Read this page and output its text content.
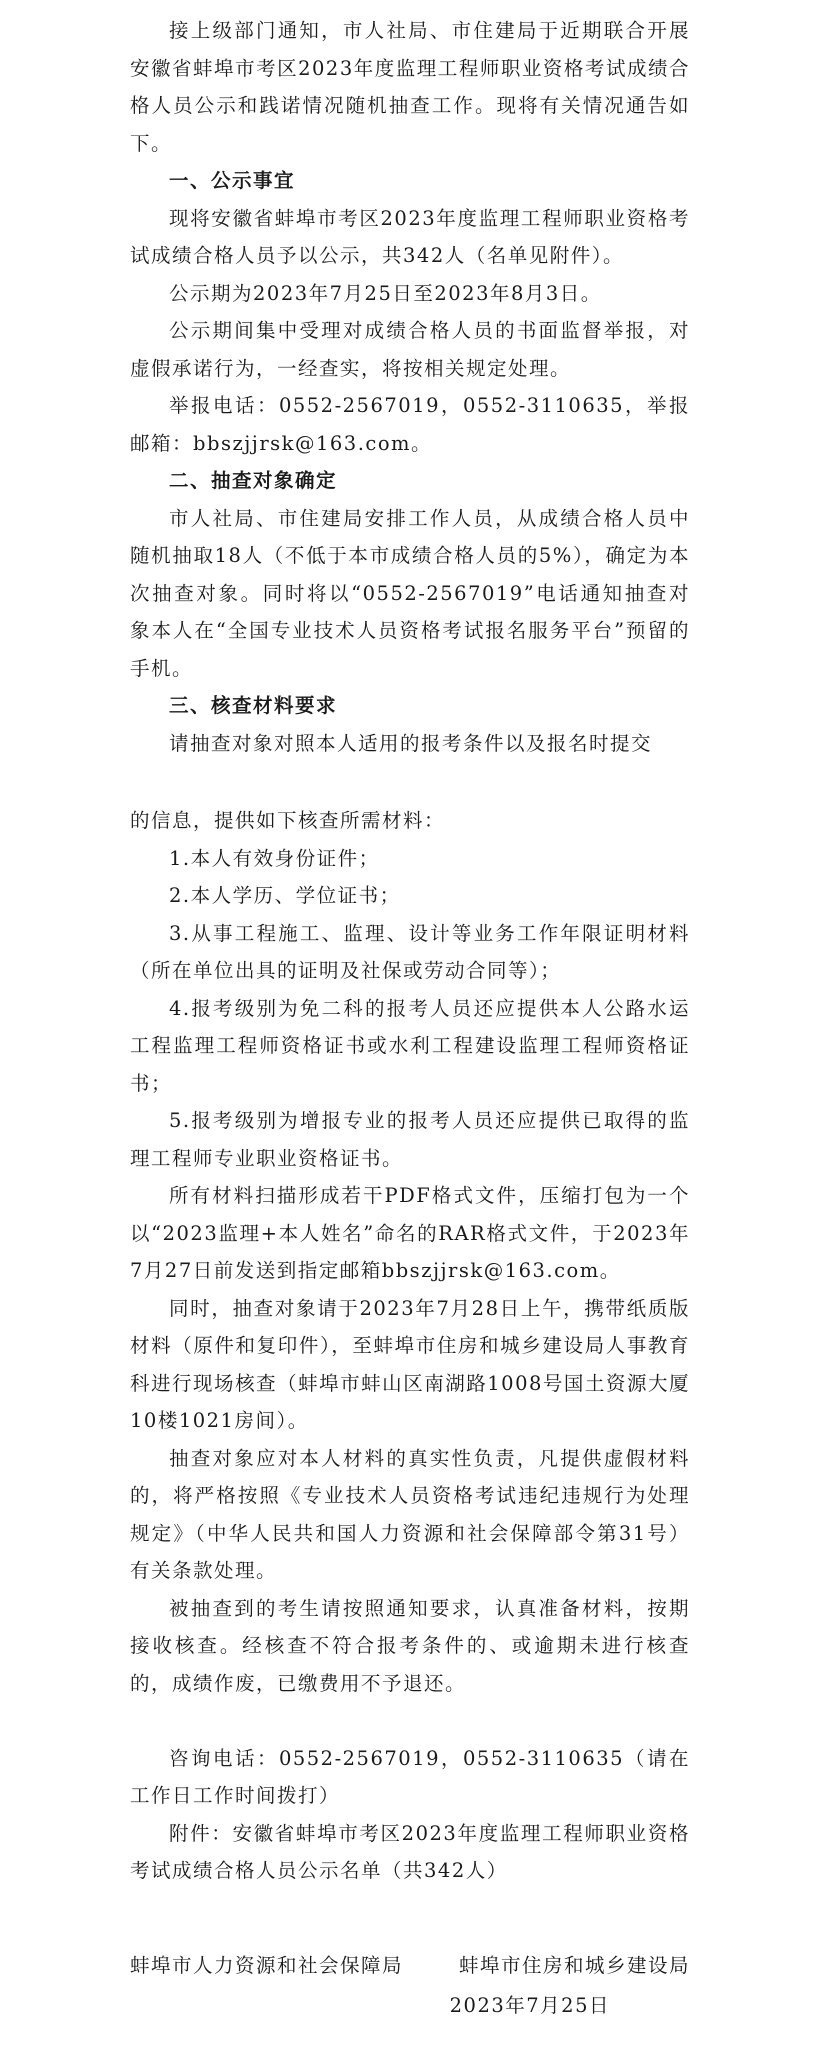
接上级部门通知，市人社局、市住建局于近期联合开展安徽省蚌埠市考区2023年度监理工程师职业资格考试成绩合格人员公示和践诺情况随机抽查工作。现将有关情况通告如下。

一、公示事宜

现将安徽省蚌埠市考区2023年度监理工程师职业资格考试成绩合格人员予以公示，共342人（名单见附件）。

公示期为2023年7月25日至2023年8月3日。

公示期间集中受理对成绩合格人员的书面监督举报，对虚假承诺行为，一经查实，将按相关规定处理。

举报电话：0552-2567019，0552-3110635，举报邮箱：bbszjjrsk@163.com。

二、抽查对象确定

市人社局、市住建局安排工作人员，从成绩合格人员中随机抽取18人（不低于本市成绩合格人员的5%），确定为本次抽查对象。同时将以“0552-2567019”电话通知抽查对象本人在“全国专业技术人员资格考试报名服务平台”预留的手机。

三、核查材料要求

请抽查对象对照本人适用的报考条件以及报名时提交

的信息，提供如下核查所需材料：

1.本人有效身份证件；

2.本人学历、学位证书；

3.从事工程施工、监理、设计等业务工作年限证明材料（所在单位出具的证明及社保或劳动合同等）；

4.报考级别为免二科的报考人员还应提供本人公路水运工程监理工程师资格证书或水利工程建设监理工程师资格证书；

5.报考级别为增报专业的报考人员还应提供已取得的监理工程师专业职业资格证书。

所有材料扫描形成若干PDF格式文件，压缩打包为一个以“2023监理+本人姓名”命名的RAR格式文件，于2023年7月27日前发送到指定邮箱bbszjjrsk@163.com。

同时，抽查对象请于2023年7月28日上午，携带纸质版材料（原件和复印件），至蚌埠市住房和城乡建设局人事教育科进行现场核查（蚌埠市蚌山区南湖路1008号国土资源大厦10楼1021房间）。

抽查对象应对本人材料的真实性负责，凡提供虚假材料的，将严格按照《专业技术人员资格考试违纪违规行为处理规定》（中华人民共和国人力资源和社会保障部令第31号）有关条款处理。

被抽查到的考生请按照通知要求，认真准备材料，按期接收核查。经核查不符合报考条件的、或逾期未进行核查的，成绩作废，已缴费用不予退还。

咨询电话：0552-2567019，0552-3110635（请在工作日工作时间拨打）

附件：安徽省蚌埠市考区2023年度监理工程师职业资格考试成绩合格人员公示名单（共342人）

蚌埠市人力资源和社会保障局	蚌埠市住房和城乡建设局
2023年7月25日
